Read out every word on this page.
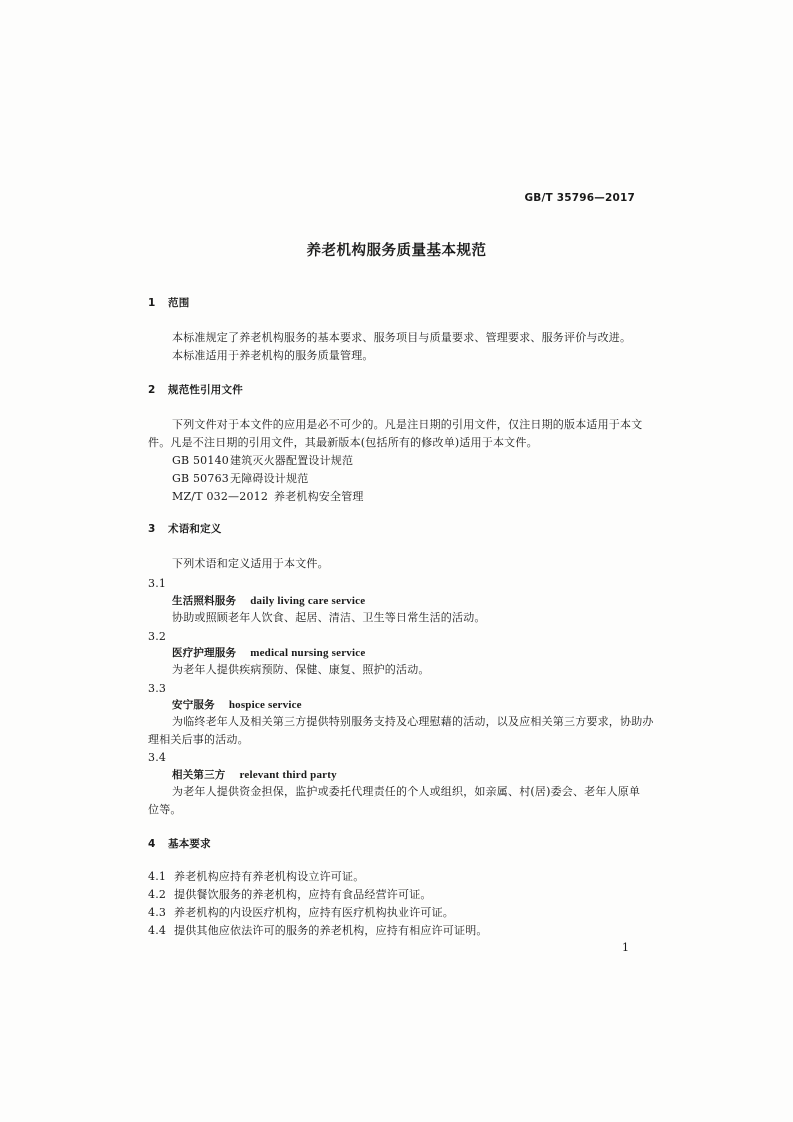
GB/T 35796—2017
养老机构服务质量基本规范
1 范围
本标准规定了养老机构服务的基本要求、服务项目与质量要求、管理要求、服务评价与改进。
本标准适用于养老机构的服务质量管理。
2 规范性引用文件
下列文件对于本文件的应用是必不可少的。凡是注日期的引用文件，仅注日期的版本适用于本文
件。凡是不注日期的引用文件，其最新版本(包括所有的修改单)适用于本文件。
GB 50140建筑灭火器配置设计规范
GB 50763无障碍设计规范
MZ/T 032—2012 养老机构安全管理
3 术语和定义
下列术语和定义适用于本文件。
3.1
生活照料服务 daily living care service
协助或照顾老年人饮食、起居、清洁、卫生等日常生活的活动。
3.2
医疗护理服务 medical nursing service
为老年人提供疾病预防、保健、康复、照护的活动。
3.3
安宁服务 hospice service
为临终老年人及相关第三方提供特别服务支持及心理慰藉的活动，以及应相关第三方要求，协助办
理相关后事的活动。
3.4
相关第三方 relevant third party
为老年人提供资金担保，监护或委托代理责任的个人或组织，如亲属、村(居)委会、老年人原单
位等。
4 基本要求
4.1 养老机构应持有养老机构设立许可证。
4.2 提供餐饮服务的养老机构，应持有食品经营许可证。
4.3 养老机构的内设医疗机构，应持有医疗机构执业许可证。
4.4 提供其他应依法许可的服务的养老机构，应持有相应许可证明。
1
